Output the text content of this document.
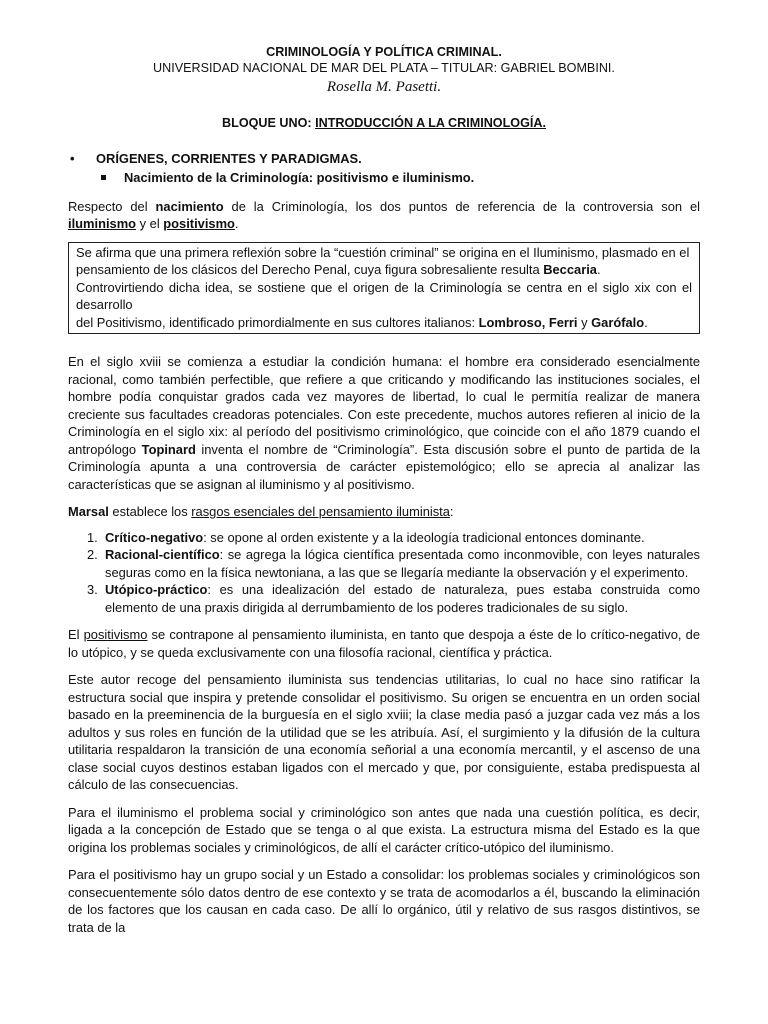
CRIMINOLOGÍA Y POLÍTICA CRIMINAL.
UNIVERSIDAD NACIONAL DE MAR DEL PLATA – TITULAR: GABRIEL BOMBINI.
Rosella M. Pasetti.
BLOQUE UNO: INTRODUCCIÓN A LA CRIMINOLOGÍA.
• ORÍGENES, CORRIENTES Y PARADIGMAS.
Nacimiento de la Criminología: positivismo e iluminismo.

Respecto del nacimiento de la Criminología, los dos puntos de referencia de la controversia son el iluminismo y el positivismo.

Se afirma que una primera reflexión sobre la “cuestión criminal” se origina en el Iluminismo, plasmado en el
pensamiento de los clásicos del Derecho Penal, cuya figura sobresaliente resulta Beccaria.
Controvirtiendo dicha idea, se sostiene que el origen de la Criminología se centra en el siglo xix con el desarrollo
del Positivismo, identificado primordialmente en sus cultores italianos: Lombroso, Ferri y Garófalo.

En el siglo xviii se comienza a estudiar la condición humana: el hombre era considerado esencialmente racional, como también perfectible, que refiere a que criticando y modificando las instituciones sociales, el hombre podía conquistar grados cada vez mayores de libertad, lo cual le permitía realizar de manera creciente sus facultades creadoras potenciales. Con este precedente, muchos autores refieren al inicio de la Criminología en el siglo xix: al período del positivismo criminológico, que coincide con el año 1879 cuando el antropólogo Topinard inventa el nombre de “Criminología”. Esta discusión sobre el punto de partida de la Criminología apunta a una controversia de carácter epistemológico; ello se aprecia al analizar las características que se asignan al iluminismo y al positivismo.

Marsal establece los rasgos esenciales del pensamiento iluminista:

1. Crítico-negativo: se opone al orden existente y a la ideología tradicional entonces dominante.
2. Racional-científico: se agrega la lógica científica presentada como inconmovible, con leyes naturales seguras como en la física newtoniana, a las que se llegaría mediante la observación y el experimento.
3. Utópico-práctico: es una idealización del estado de naturaleza, pues estaba construida como elemento de una praxis dirigida al derrumbamiento de los poderes tradicionales de su siglo.

El positivismo se contrapone al pensamiento iluminista, en tanto que despoja a éste de lo crítico-negativo, de lo utópico, y se queda exclusivamente con una filosofía racional, científica y práctica.

Este autor recoge del pensamiento iluminista sus tendencias utilitarias, lo cual no hace sino ratificar la estructura social que inspira y pretende consolidar el positivismo. Su origen se encuentra en un orden social basado en la preeminencia de la burguesía en el siglo xviii; la clase media pasó a juzgar cada vez más a los adultos y sus roles en función de la utilidad que se les atribuía. Así, el surgimiento y la difusión de la cultura utilitaria respaldaron la transición de una economía señorial a una economía mercantil, y el ascenso de una clase social cuyos destinos estaban ligados con el mercado y que, por consiguiente, estaba predispuesta al cálculo de las consecuencias.

Para el iluminismo el problema social y criminológico son antes que nada una cuestión política, es decir, ligada a la concepción de Estado que se tenga o al que exista. La estructura misma del Estado es la que origina los problemas sociales y criminológicos, de allí el carácter crítico-utópico del iluminismo.

Para el positivismo hay un grupo social y un Estado a consolidar: los problemas sociales y criminológicos son consecuentemente sólo datos dentro de ese contexto y se trata de acomodarlos a él, buscando la eliminación de los factores que los causan en cada caso. De allí lo orgánico, útil y relativo de sus rasgos distintivos, se trata de la
